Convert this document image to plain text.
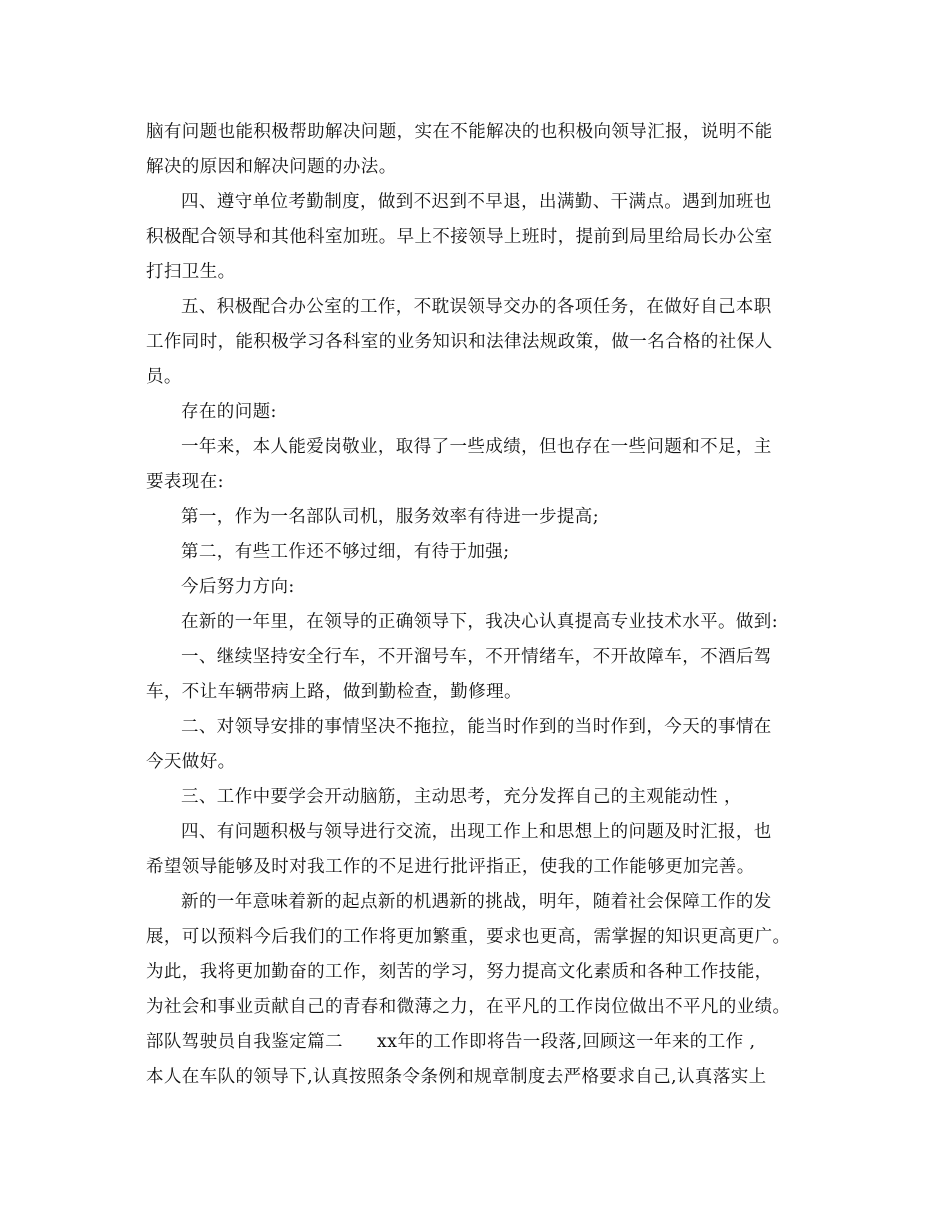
脑有问题也能积极帮助解决问题，实在不能解决的也积极向领导汇报，说明不能
解决的原因和解决问题的办法。
四、遵守单位考勤制度，做到不迟到不早退，出满勤、干满点。遇到加班也
积极配合领导和其他科室加班。早上不接领导上班时，提前到局里给局长办公室
打扫卫生。
五、积极配合办公室的工作，不耽误领导交办的各项任务，在做好自己本职
工作同时，能积极学习各科室的业务知识和法律法规政策，做一名合格的社保人
员。
存在的问题:
一年来，本人能爱岗敬业，取得了一些成绩，但也存在一些问题和不足，主
要表现在:
第一，作为一名部队司机，服务效率有待进一步提高;
第二，有些工作还不够过细，有待于加强;
今后努力方向:
在新的一年里，在领导的正确领导下，我决心认真提高专业技术水平。做到:
一、继续坚持安全行车，不开溜号车，不开情绪车，不开故障车，不酒后驾
车，不让车辆带病上路，做到勤检查，勤修理。
二、对领导安排的事情坚决不拖拉，能当时作到的当时作到，今天的事情在
今天做好。
三、工作中要学会开动脑筋，主动思考，充分发挥自己的主观能动性 ，
四、有问题积极与领导进行交流，出现工作上和思想上的问题及时汇报，也
希望领导能够及时对我工作的不足进行批评指正，使我的工作能够更加完善。
新的一年意味着新的起点新的机遇新的挑战，明年，随着社会保障工作的发
展，可以预料今后我们的工作将更加繁重，要求也更高，需掌握的知识更高更广。
为此，我将更加勤奋的工作，刻苦的学习，努力提高文化素质和各种工作技能，
为社会和事业贡献自己的青春和微薄之力，在平凡的工作岗位做出不平凡的业绩。
部队驾驶员自我鉴定篇二 xx年的工作即将告一段落,回顾这一年来的工作 ,
本人在车队的领导下,认真按照条令条例和规章制度去严格要求自己,认真落实上
